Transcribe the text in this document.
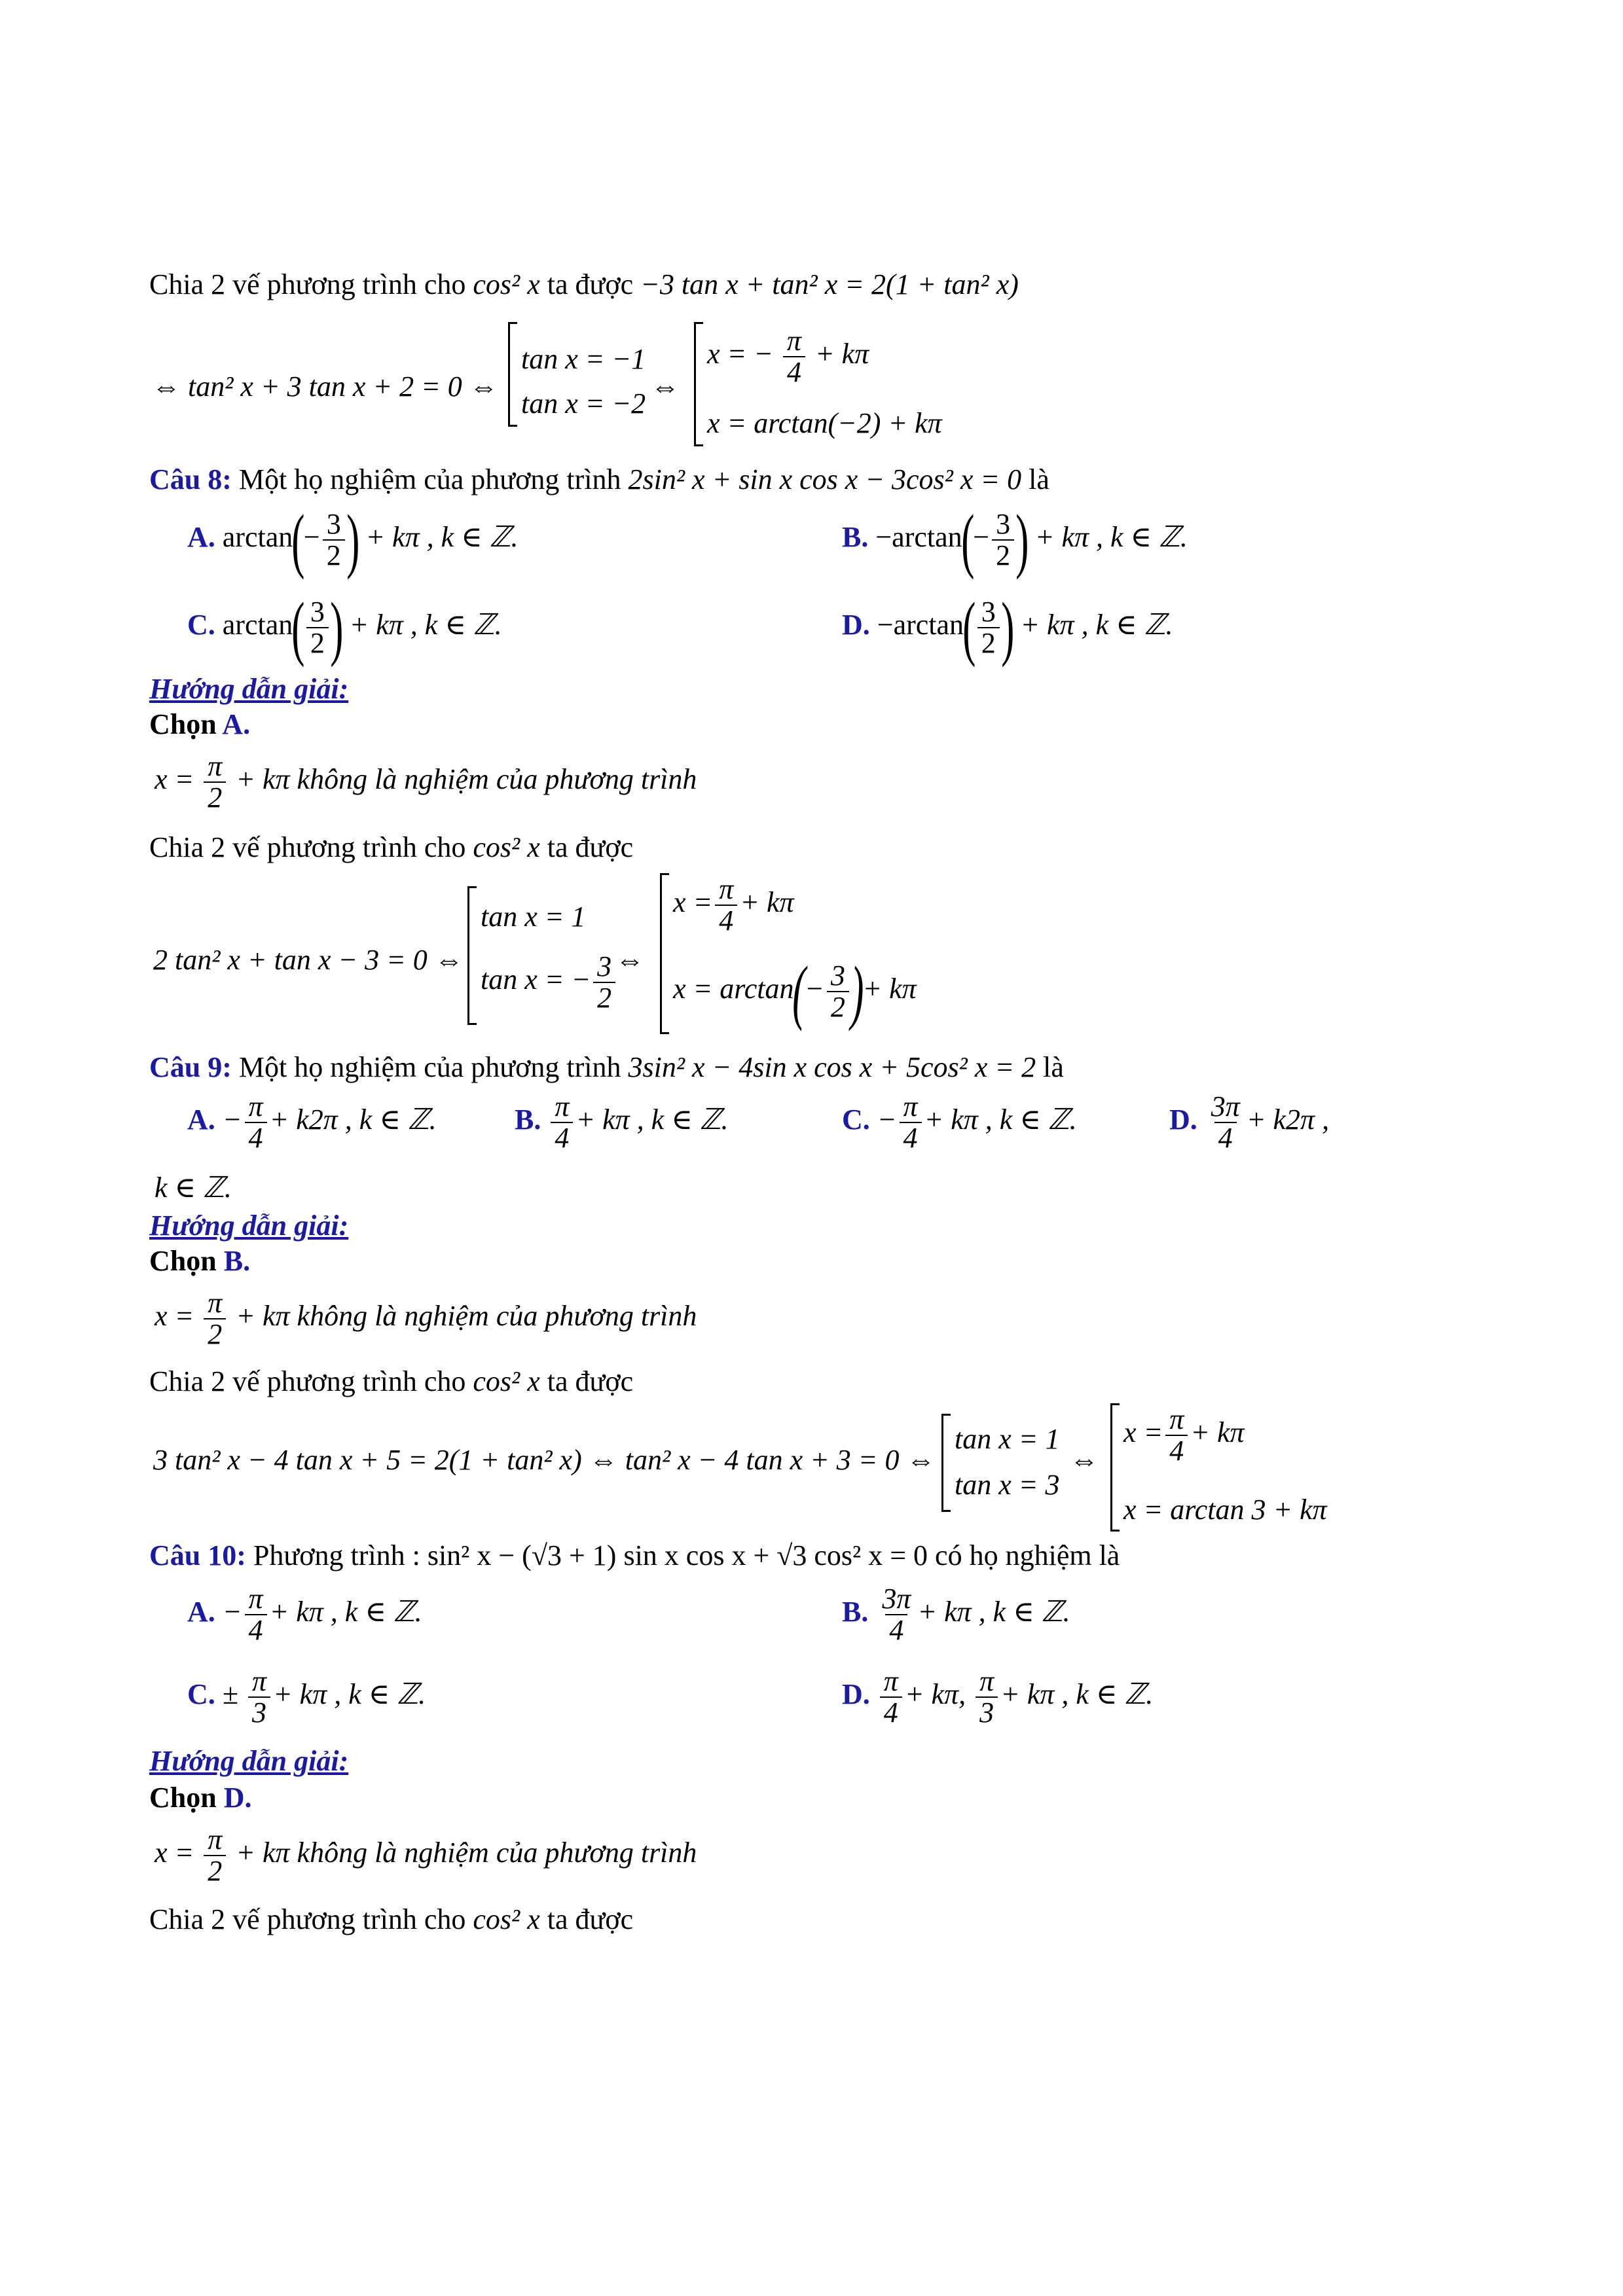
Chia 2 vế phương trình cho cos² x ta được −3 tan x + tan² x = 2(1 + tan² x)
⇔ tan² x + 3 tan x + 2 = 0 ⇔
tan x = −1
tan x = −2
⇔
x = − $\frac{\pi}{4} + k\pi$
x = arctan(−2) + kπ
Câu 8: Một họ nghiệm của phương trình 2sin² x + sin x cos x − 3cos² x = 0 là
A. $\arctan(- \frac{3}{2}$ ) + kπ , k ∈ ℤ.	B. $-\arctan(- \frac{3}{2}$ ) + kπ , k ∈ ℤ.
C. $\arctan( \frac{3}{2}$ ) + kπ , k ∈ ℤ.	D. $-\arctan( \frac{3}{2}$ ) + kπ , k ∈ ℤ.
Hướng dẫn giải:
Chọn A.
$x = \frac{\pi}{2} + k\pi$ không là nghiệm của phương trình
Chia 2 vế phương trình cho cos² x ta được
2 tan² x + tan x − 3 = 0 ⇔
tan x = 1
tan x = − $\frac{3}{2}$ ⇔
$x = \frac{\pi}{4} + k\pi$
$x = \arctan(- \frac{3}{2}$ )+ kπ
Câu 9: Một họ nghiệm của phương trình 3sin² x − 4sin x cos x + 5cos² x = 2 là
A. − $\frac{\pi}{4} + k2\pi$ , k ∈ ℤ.	B. $\frac{\pi}{4} + k\pi$ , k ∈ ℤ.	C. − $\frac{\pi}{4} + k\pi$ , k ∈ ℤ.	D. $\frac{3\pi}{4} + k2\pi$ ,
k ∈ ℤ.
Hướng dẫn giải:
Chọn B.
$x = \frac{\pi}{2} + k\pi$ không là nghiệm của phương trình
Chia 2 vế phương trình cho cos² x ta được
3 tan² x − 4 tan x + 5 = 2(1 + tan² x) ⇔ tan² x − 4 tan x + 3 = 0 ⇔
tan x = 1
tan x = 3
⇔
$x = \frac{\pi}{4} + k\pi$
x = arctan 3 + kπ
Câu 10: Phương trình : sin² x − (√3 + 1) sin x cos x + √3 cos² x = 0 có họ nghiệm là
A. − $\frac{\pi}{4} + k\pi$ , k ∈ ℤ.	B. $\frac{3\pi}{4} + k\pi$ , k ∈ ℤ.
C. ± $\frac{\pi}{3} + k\pi$ , k ∈ ℤ.	D. $\frac{\pi}{4} + k\pi$, $\frac{\pi}{3} + k\pi$ , k ∈ ℤ.
Hướng dẫn giải:
Chọn D.
$x = \frac{\pi}{2} + k\pi$ không là nghiệm của phương trình
Chia 2 vế phương trình cho cos² x ta được
